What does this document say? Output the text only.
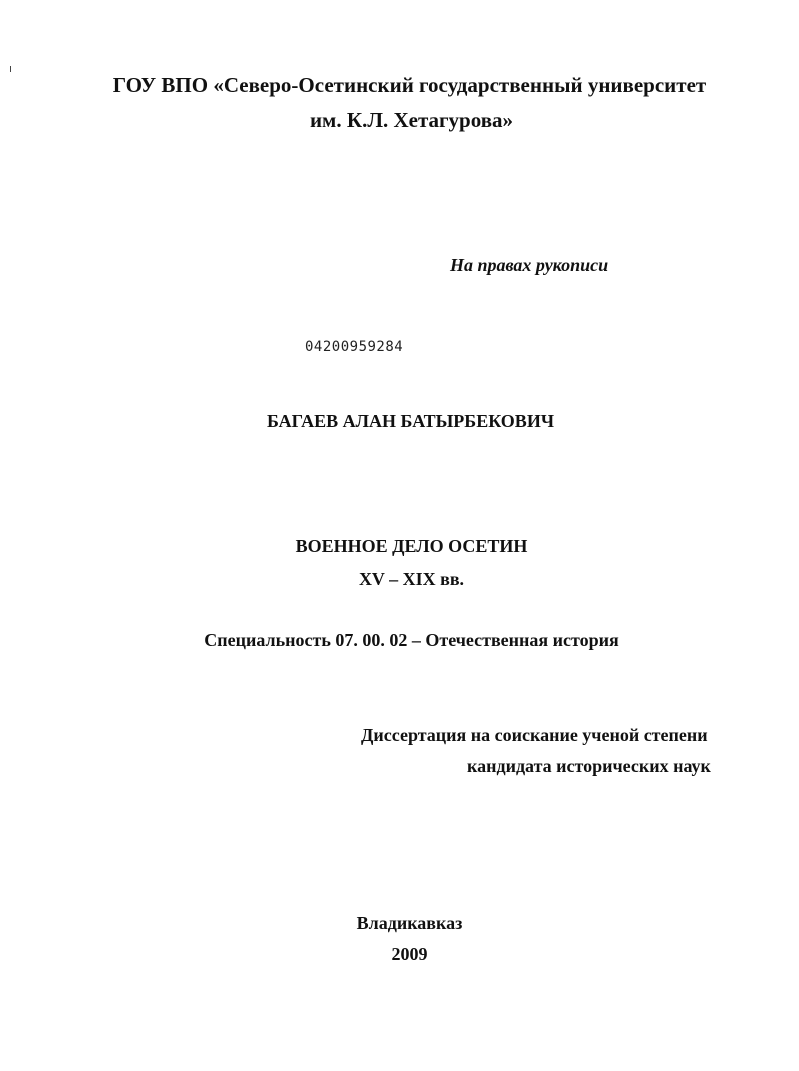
ГОУ ВПО «Северо-Осетинский государственный университет
им. К.Л. Хетагурова»
На правах рукописи
04200959284
БАГАЕВ АЛАН БАТЫРБЕКОВИЧ
ВОЕННОЕ ДЕЛО ОСЕТИН
XV – XIX вв.
Специальность 07. 00. 02 – Отечественная история
Диссертация на соискание ученой степени
кандидата исторических наук
Владикавказ
2009
